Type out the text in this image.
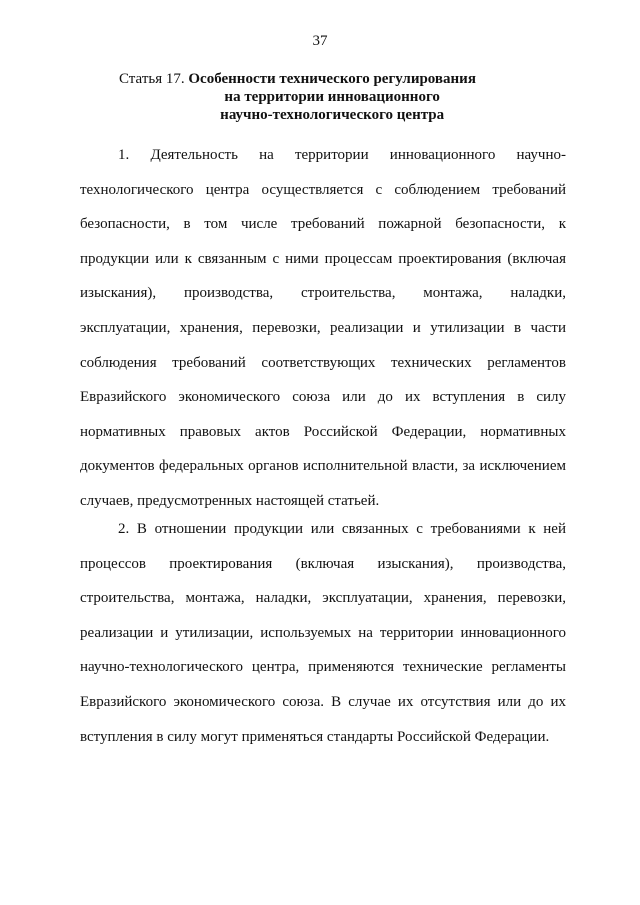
37
Статья 17. Особенности технического регулирования
на территории инновационного
научно-технологического центра
1. Деятельность на территории инновационного научно-
технологического центра осуществляется с соблюдением требований
безопасности, в том числе требований пожарной безопасности, к
продукции или к связанным с ними процессам проектирования (включая
изыскания), производства, строительства, монтажа, наладки,
эксплуатации, хранения, перевозки, реализации и утилизации в части
соблюдения требований соответствующих технических регламентов
Евразийского экономического союза или до их вступления в силу
нормативных правовых актов Российской Федерации, нормативных
документов федеральных органов исполнительной власти, за исключением
случаев, предусмотренных настоящей статьей.
2. В отношении продукции или связанных с требованиями к ней
процессов проектирования (включая изыскания), производства,
строительства, монтажа, наладки, эксплуатации, хранения, перевозки,
реализации и утилизации, используемых на территории инновационного
научно-технологического центра, применяются технические регламенты
Евразийского экономического союза. В случае их отсутствия или до их
вступления в силу могут применяться стандарты Российской Федерации.
